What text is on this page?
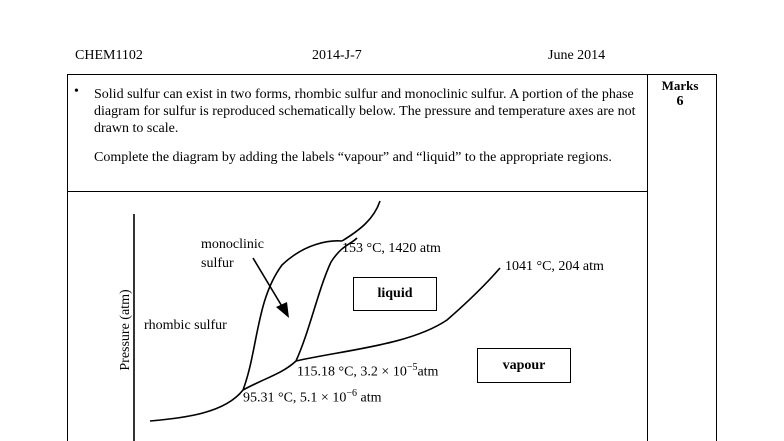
CHEM1102	2014-J-7	June 2014
Marks
6
• Solid sulfur can exist in two forms, rhombic sulfur and monoclinic sulfur. A portion of the phase diagram for sulfur is reproduced schematically below. The pressure and temperature axes are not drawn to scale.
Complete the diagram by adding the labels “vapour” and “liquid” to the appropriate regions.
Pressure (atm)
monoclinic
sulfur
rhombic sulfur
153 °C, 1420 atm
1041 °C, 204 atm
115.18 °C, $3.2 \times 10^{-5}atm$
95.31 °C, $5.1 \times 10^{-6}$ atm
liquid
vapour
